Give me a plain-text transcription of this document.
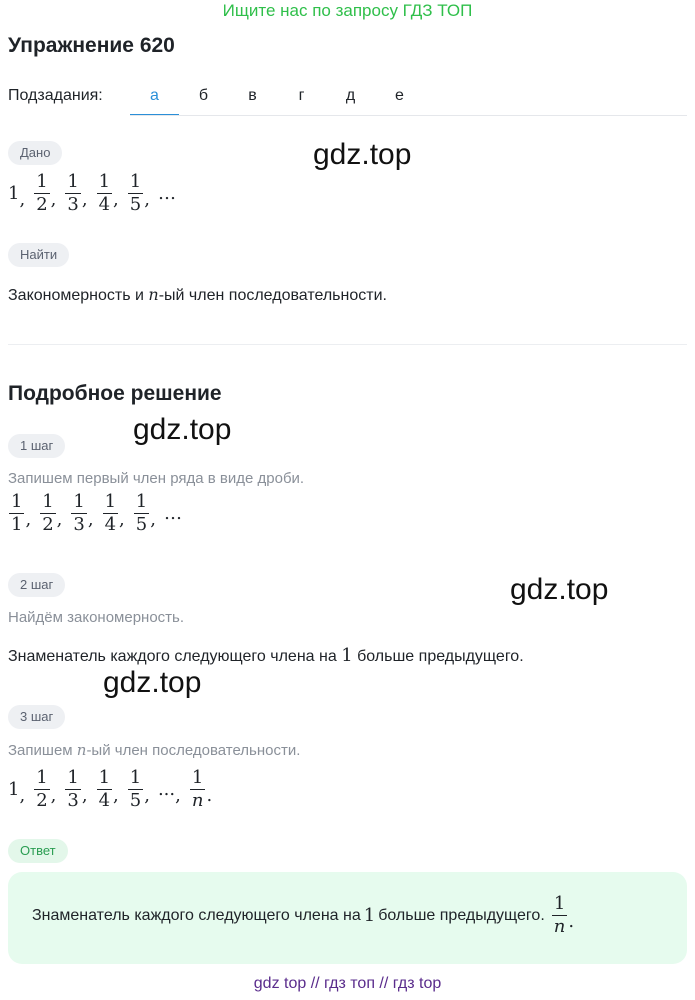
Ищите нас по запросу ГДЗ ТОП
Упражнение 620
Подзадания:	а	б	в	г	д	е
Дано	gdz.top
1 , $\frac{1}{2}$ , $\frac{1}{3}$ , $\frac{1}{4}$ , $\frac{1}{5}$ , …
Найти
Закономерность и n-ый член последовательности.
Подробное решение
1 шаг	gdz.top
Запишем первый член ряда в виде дроби.
$\frac{1}{1}$ , $\frac{1}{2}$ , $\frac{1}{3}$ , $\frac{1}{4}$ , $\frac{1}{5}$ , …
2 шаг	gdz.top
Найдём закономерность.
Знаменатель каждого следующего члена на 1 больше предыдущего.
gdz.top
3 шаг
Запишем n-ый член последовательности.
1 , $\frac{1}{2}$ , $\frac{1}{3}$ , $\frac{1}{4}$ , $\frac{1}{5}$ , ... , $\frac{1}{n}$ .
Ответ
Знаменатель каждого следующего члена на 1 больше предыдущего. $\frac{1}{n}$ .
gdz top // гдз топ // гдз top
